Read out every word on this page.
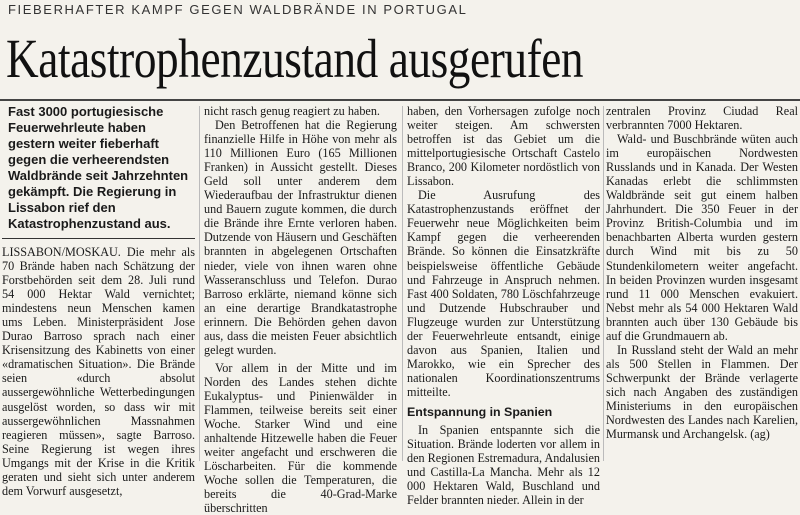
FIEBERHAFTER KAMPF GEGEN WALDBRÄNDE IN PORTUGAL
Katastrophenzustand ausgerufen
Fast 3000 portugiesische Feuerwehrleute haben gestern weiter fieberhaft gegen die verheerendsten Waldbrände seit Jahrzehnten gekämpft. Die Regierung in Lissabon rief den Katastrophenzustand aus.

LISSABON/MOSKAU. Die mehr als 70 Brände haben nach Schätzung der Forstbehörden seit dem 28. Juli rund 54 000 Hektar Wald vernichtet; mindestens neun Menschen kamen ums Leben. Ministerpräsident Jose Durao Barroso sprach nach einer Krisensitzung des Kabinetts von einer «dramatischen Situation». Die Brände seien «durch absolut aussergewöhnliche Wetterbedingungen ausgelöst worden, so dass wir mit aussergewöhnlichen Massnahmen reagieren müssen», sagte Barroso. Seine Regierung ist wegen ihres Umgangs mit der Krise in die Kritik geraten und sieht sich unter anderem dem Vorwurf ausgesetzt,

nicht rasch genug reagiert zu haben.

Den Betroffenen hat die Regierung finanzielle Hilfe in Höhe von mehr als 110 Millionen Euro (165 Millionen Franken) in Aussicht gestellt. Dieses Geld soll unter anderem dem Wiederaufbau der Infrastruktur dienen und Bauern zugute kommen, die durch die Brände ihre Ernte verloren haben. Dutzende von Häusern und Geschäften brannten in abgelegenen Ortschaften nieder, viele von ihnen waren ohne Wasseranschluss und Telefon. Durao Barroso erklärte, niemand könne sich an eine derartige Brandkatastrophe erinnern. Die Behörden gehen davon aus, dass die meisten Feuer absichtlich gelegt wurden.

Vor allem in der Mitte und im Norden des Landes stehen dichte Eukalyptus- und Pinienwälder in Flammen, teilweise bereits seit einer Woche. Starker Wind und eine anhaltende Hitzewelle haben die Feuer weiter angefacht und erschweren die Löscharbeiten. Für die kommende Woche sollen die Temperaturen, die bereits die 40-Grad-Marke überschritten

haben, den Vorhersagen zufolge noch weiter steigen. Am schwersten betroffen ist das Gebiet um die mittelportugiesische Ortschaft Castelo Branco, 200 Kilometer nordöstlich von Lissabon.

Die Ausrufung des Katastrophenzustands eröffnet der Feuerwehr neue Möglichkeiten beim Kampf gegen die verheerenden Brände. So können die Einsatzkräfte beispielsweise öffentliche Gebäude und Fahrzeuge in Anspruch nehmen. Fast 400 Soldaten, 780 Löschfahrzeuge und Dutzende Hubschrauber und Flugzeuge wurden zur Unterstützung der Feuerwehrleute entsandt, einige davon aus Spanien, Italien und Marokko, wie ein Sprecher des nationalen Koordinationszentrums mitteilte.

Entspannung in Spanien

In Spanien entspannte sich die Situation. Brände loderten vor allem in den Regionen Estremadura, Andalusien und Castilla-La Mancha. Mehr als 12 000 Hektaren Wald, Buschland und Felder brannten nieder. Allein in der

zentralen Provinz Ciudad Real verbrannten 7000 Hektaren.

Wald- und Buschbrände wüten auch im europäischen Nordwesten Russlands und in Kanada. Der Westen Kanadas erlebt die schlimmsten Waldbrände seit gut einem halben Jahrhundert. Die 350 Feuer in der Provinz British-Columbia und im benachbarten Alberta wurden gestern durch Wind mit bis zu 50 Stundenkilometern weiter angefacht. In beiden Provinzen wurden insgesamt rund 11 000 Menschen evakuiert. Nebst mehr als 54 000 Hektaren Wald brannten auch über 130 Gebäude bis auf die Grundmauern ab.

In Russland steht der Wald an mehr als 500 Stellen in Flammen. Der Schwerpunkt der Brände verlagerte sich nach Angaben des zuständigen Ministeriums in den europäischen Nordwesten des Landes nach Karelien, Murmansk und Archangelsk. (ag)
